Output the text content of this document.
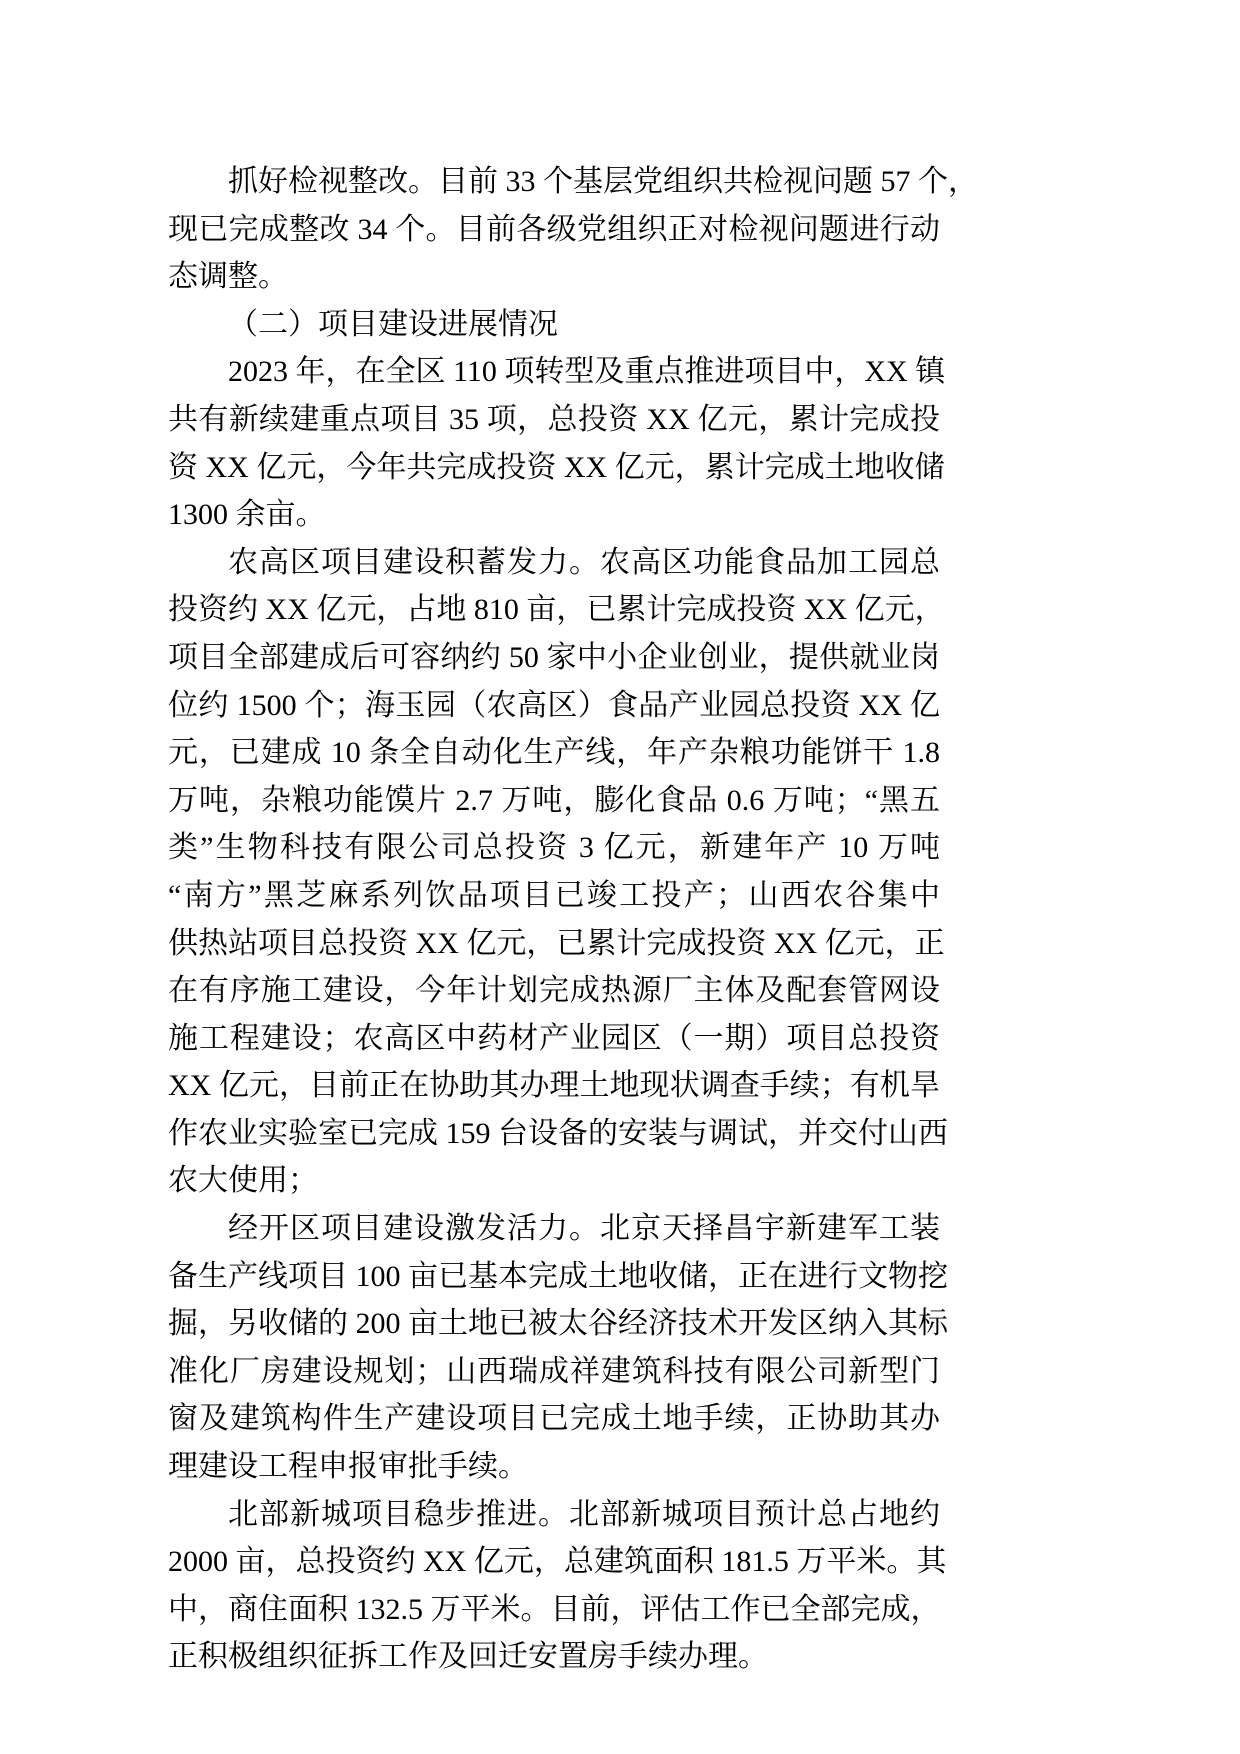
抓好检视整改。目前 33 个基层党组织共检视问题 57 个，
现已完成整改 34 个。目前各级党组织正对检视问题进行动
态调整。
（二）项目建设进展情况
2023 年，在全区 110 项转型及重点推进项目中，XX 镇
共有新续建重点项目 35 项，总投资 XX 亿元，累计完成投
资 XX 亿元，今年共完成投资 XX 亿元，累计完成土地收储
1300 余亩。
农高区项目建设积蓄发力。农高区功能食品加工园总
投资约 XX 亿元，占地 810 亩，已累计完成投资 XX 亿元，
项目全部建成后可容纳约 50 家中小企业创业，提供就业岗
位约 1500 个；海玉园（农高区）食品产业园总投资 XX 亿
元，已建成 10 条全自动化生产线，年产杂粮功能饼干 1.8
万吨，杂粮功能馍片 2.7 万吨，膨化食品 0.6 万吨；“黑五
类”生物科技有限公司总投资 3 亿元，新建年产 10 万吨
“南方”黑芝麻系列饮品项目已竣工投产；山西农谷集中
供热站项目总投资 XX 亿元，已累计完成投资 XX 亿元，正
在有序施工建设，今年计划完成热源厂主体及配套管网设
施工程建设；农高区中药材产业园区（一期）项目总投资
XX 亿元，目前正在协助其办理土地现状调查手续；有机旱
作农业实验室已完成 159 台设备的安装与调试，并交付山西
农大使用；
经开区项目建设激发活力。北京天择昌宇新建军工装
备生产线项目 100 亩已基本完成土地收储，正在进行文物挖
掘，另收储的 200 亩土地已被太谷经济技术开发区纳入其标
准化厂房建设规划；山西瑞成祥建筑科技有限公司新型门
窗及建筑构件生产建设项目已完成土地手续，正协助其办
理建设工程申报审批手续。
北部新城项目稳步推进。北部新城项目预计总占地约
2000 亩，总投资约 XX 亿元，总建筑面积 181.5 万平米。其
中，商住面积 132.5 万平米。目前，评估工作已全部完成，
正积极组织征拆工作及回迁安置房手续办理。
